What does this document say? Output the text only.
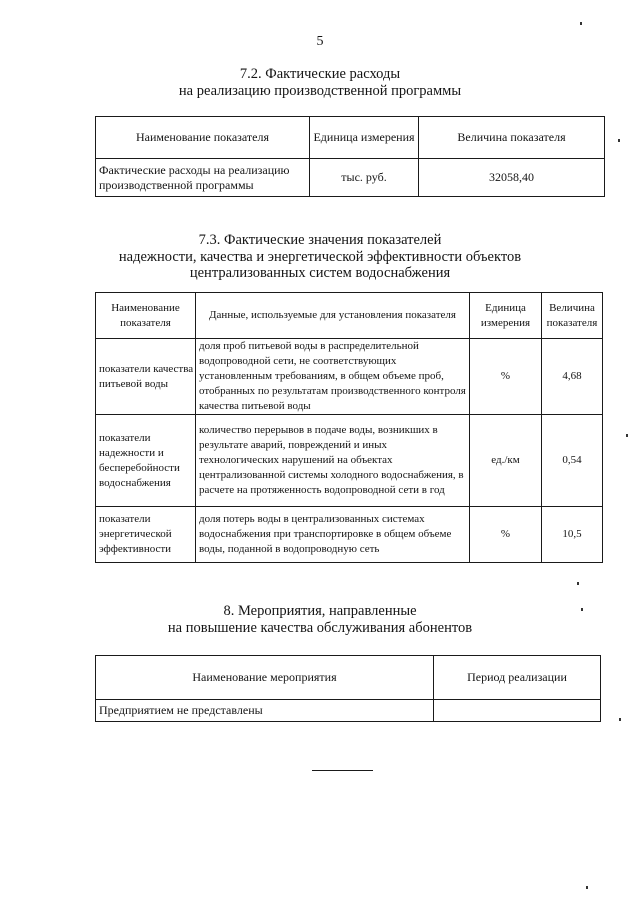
5
7.2. Фактические расходы
на реализацию производственной программы
Наименование показателя	Единица измерения	Величина показателя
Фактические расходы на реализацию производственной программы	тыс. руб.	32058,40
7.3. Фактические значения показателей
надежности, качества и энергетической эффективности объектов
централизованных систем водоснабжения
Наименование показателя	Данные, используемые для установления показателя	Единица измерения	Величина показателя
показатели качества питьевой воды	доля проб питьевой воды в распределительной водопроводной сети, не соответствующих установленным требованиям, в общем объеме проб, отобранных по результатам производственного контроля качества питьевой воды	%	4,68
показатели надежности и бесперебойности водоснабжения	количество перерывов в подаче воды, возникших в результате аварий, повреждений и иных технологических нарушений на объектах централизованной системы холодного водоснабжения, в расчете на протяженность водопроводной сети в год	ед./км	0,54
показатели энергетической эффективности	доля потерь воды в централизованных системах водоснабжения при транспортировке в общем объеме воды, поданной в водопроводную сеть	%	10,5
8. Мероприятия, направленные
на повышение качества обслуживания абонентов
Наименование мероприятия	Период реализации
Предприятием не представлены	
